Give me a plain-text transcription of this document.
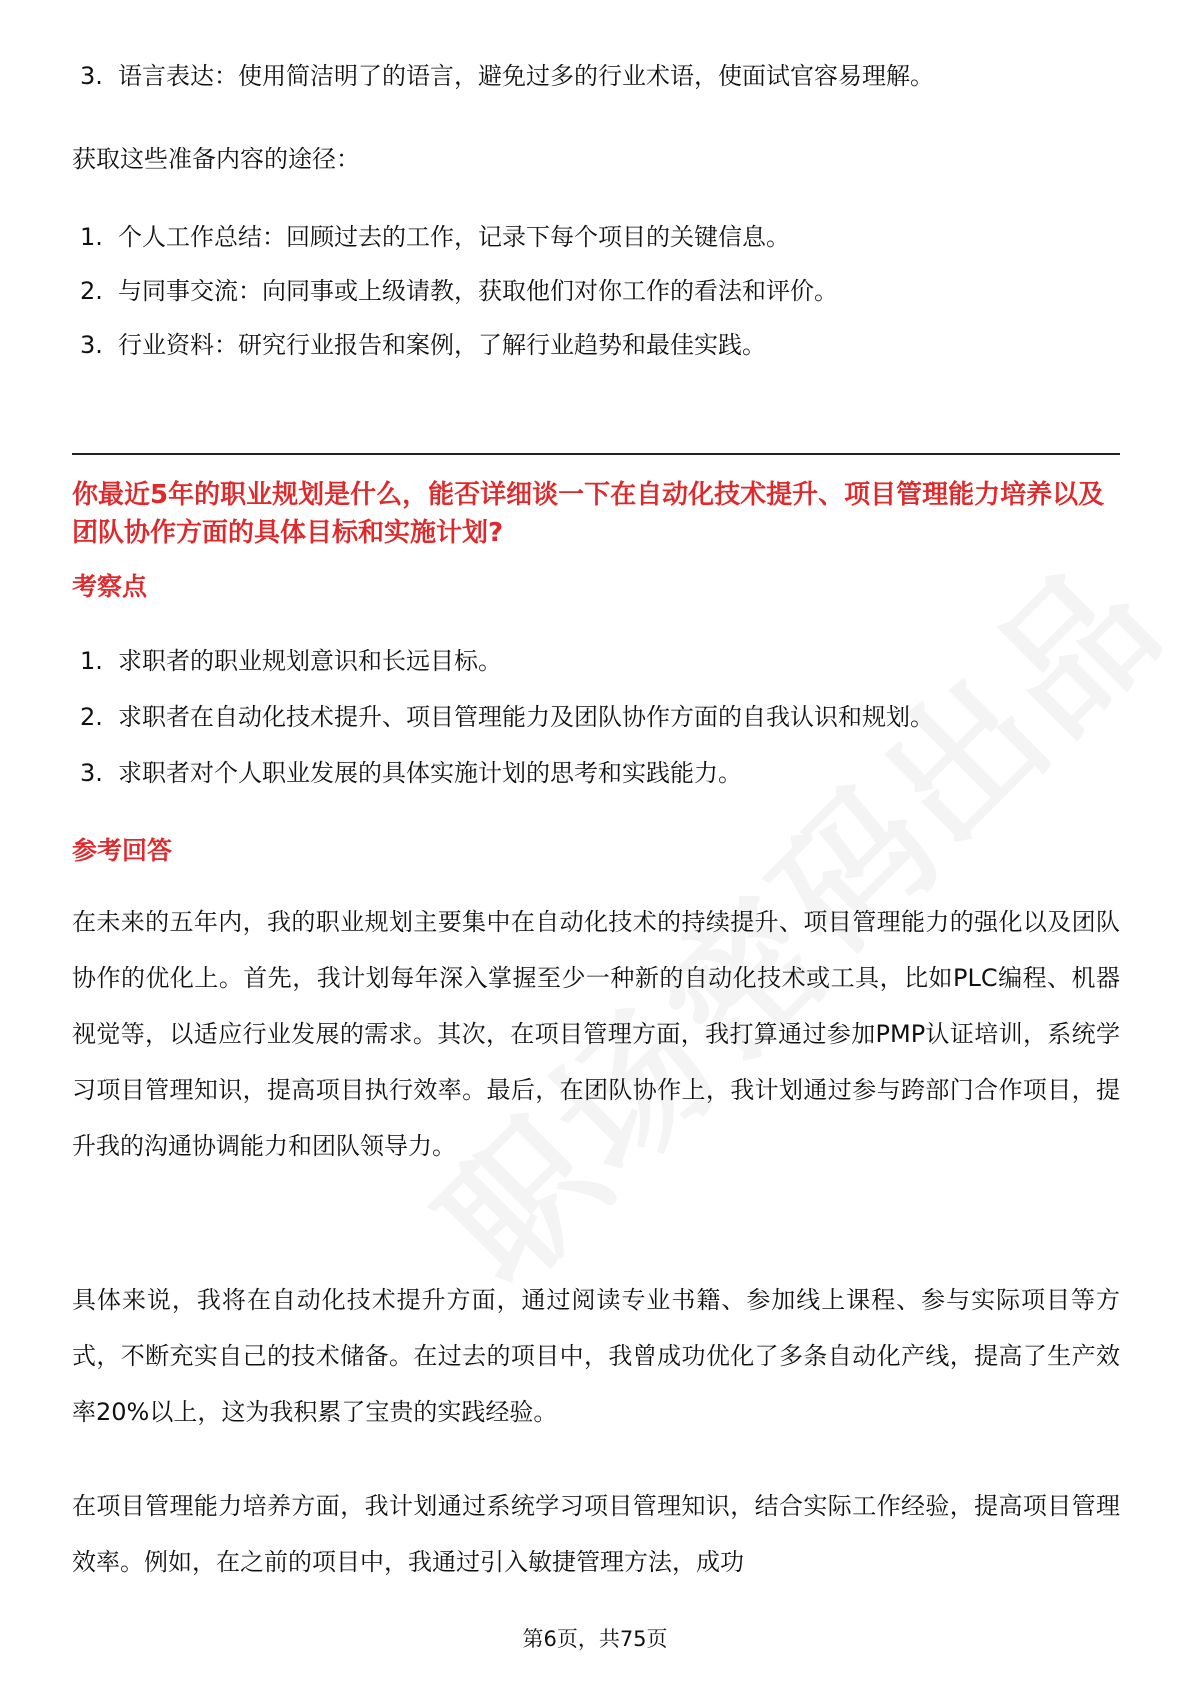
3. 语言表达：使用简洁明了的语言，避免过多的行业术语，使面试官容易理解。
获取这些准备内容的途径：
1. 个人工作总结：回顾过去的工作，记录下每个项目的关键信息。
2. 与同事交流：向同事或上级请教，获取他们对你工作的看法和评价。
3. 行业资料：研究行业报告和案例，了解行业趋势和最佳实践。
你最近5年的职业规划是什么，能否详细谈一下在自动化技术提升、项目管理能力培养以及团队协作方面的具体目标和实施计划?
考察点
1. 求职者的职业规划意识和长远目标。
2. 求职者在自动化技术提升、项目管理能力及团队协作方面的自我认识和规划。
3. 求职者对个人职业发展的具体实施计划的思考和实践能力。
参考回答
在未来的五年内，我的职业规划主要集中在自动化技术的持续提升、项目管理能力的强化以及团队协作的优化上。首先，我计划每年深入掌握至少一种新的自动化技术或工具，比如PLC编程、机器视觉等，以适应行业发展的需求。其次，在项目管理方面，我打算通过参加PMP认证培训，系统学习项目管理知识，提高项目执行效率。最后，在团队协作上，我计划通过参与跨部门合作项目，提升我的沟通协调能力和团队领导力。
具体来说，我将在自动化技术提升方面，通过阅读专业书籍、参加线上课程、参与实际项目等方式，不断充实自己的技术储备。在过去的项目中，我曾成功优化了多条自动化产线，提高了生产效率20%以上，这为我积累了宝贵的实践经验。
在项目管理能力培养方面，我计划通过系统学习项目管理知识，结合实际工作经验，提高项目管理效率。例如，在之前的项目中，我通过引入敏捷管理方法，成功
第6页，共75页
